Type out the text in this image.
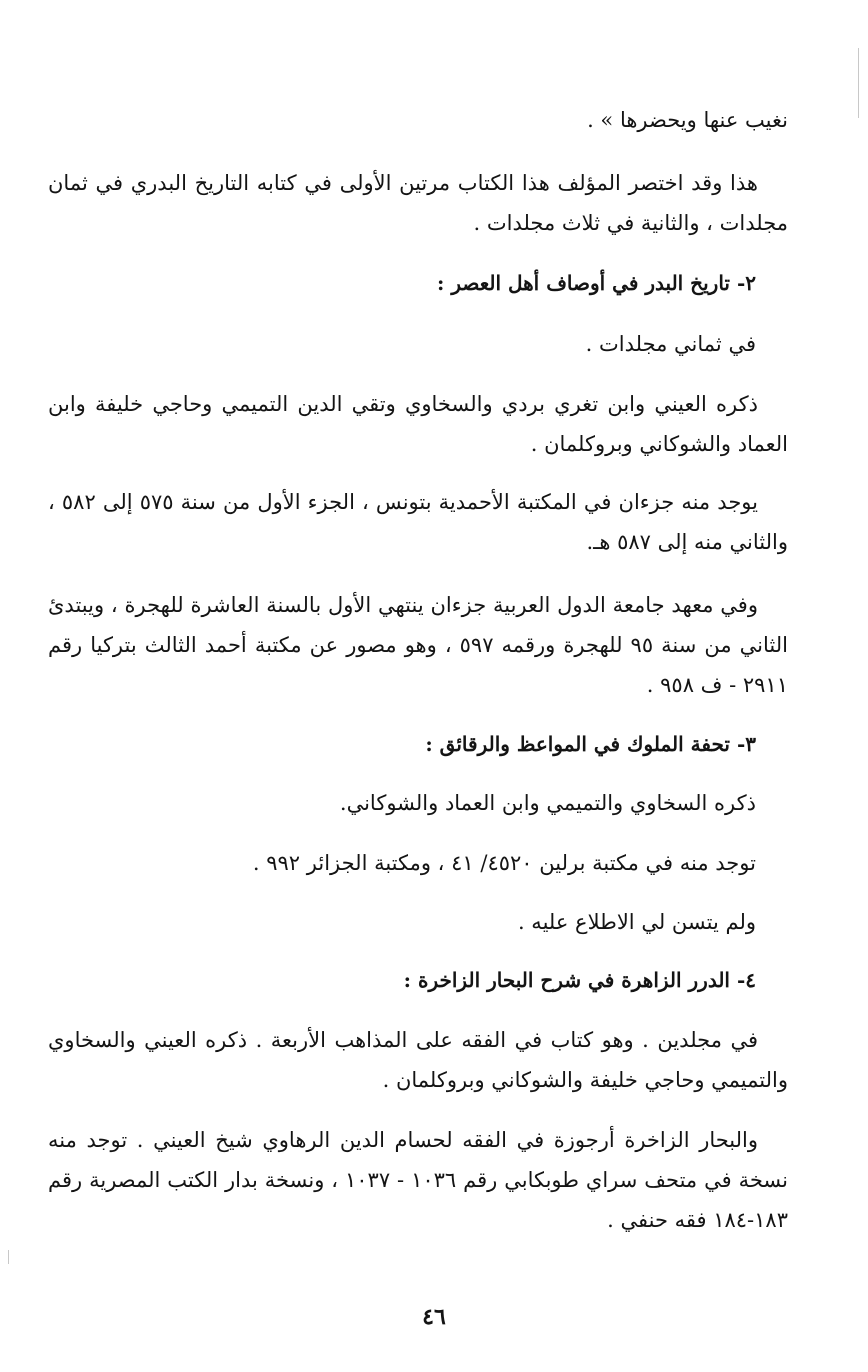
نغيب عنها ويحضرها » .

هذا وقد اختصر المؤلف هذا الكتاب مرتين الأولى في كتابه التاريخ البدري في ثمان مجلدات ، والثانية في ثلاث مجلدات .

٢- تاريخ البدر في أوصاف أهل العصر :

في ثماني مجلدات .

ذكره العيني وابن تغري بردي والسخاوي وتقي الدين التميمي وحاجي خليفة وابن العماد والشوكاني وبروكلمان .

يوجد منه جزءان في المكتبة الأحمدية بتونس ، الجزء الأول من سنة ٥٧٥ إلى ٥٨٢ ، والثاني منه إلى ٥٨٧ هـ.

وفي معهد جامعة الدول العربية جزءان ينتهي الأول بالسنة العاشرة للهجرة ، ويبتدئ الثاني من سنة ٩٥ للهجرة ورقمه ٥٩٧ ، وهو مصور عن مكتبة أحمد الثالث بتركيا رقم ٢٩١١ - ف ٩٥٨ .

٣- تحفة الملوك في المواعظ والرقائق :

ذكره السخاوي والتميمي وابن العماد والشوكاني.

توجد منه في مكتبة برلين ٤٥٢٠/ ٤١ ، ومكتبة الجزائر ٩٩٢ .

ولم يتسن لي الاطلاع عليه .

٤- الدرر الزاهرة في شرح البحار الزاخرة :

في مجلدين . وهو كتاب في الفقه على المذاهب الأربعة . ذكره العيني والسخاوي والتميمي وحاجي خليفة والشوكاني وبروكلمان .

والبحار الزاخرة أرجوزة في الفقه لحسام الدين الرهاوي شيخ العيني . توجد منه نسخة في متحف سراي طوبكابي رقم ١٠٣٦ - ١٠٣٧ ، ونسخة بدار الكتب المصرية رقم ١٨٣-١٨٤ فقه حنفي .

٤٦
